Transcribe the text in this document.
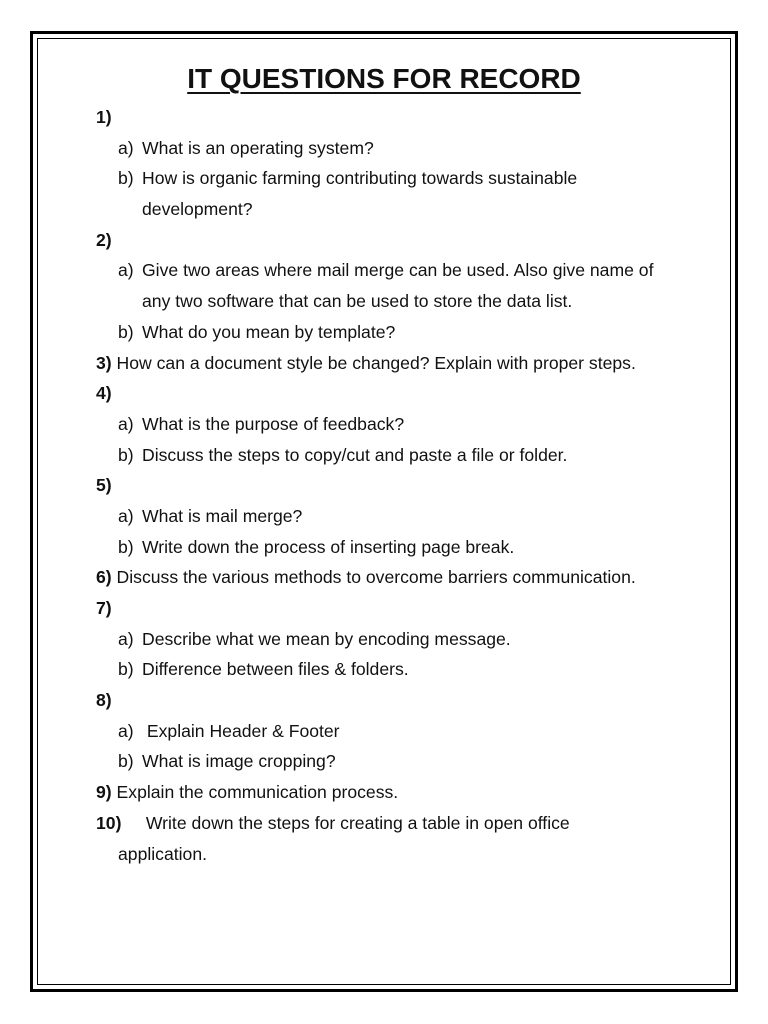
IT QUESTIONS FOR RECORD
1)
a) What is an operating system?
b) How is organic farming contributing towards sustainable
development?
2)
a) Give two areas where mail merge can be used. Also give name of
any two software that can be used to store the data list.
b) What do you mean by template?
3) How can a document style be changed? Explain with proper steps.
4)
a) What is the purpose of feedback?
b) Discuss the steps to copy/cut and paste a file or folder.
5)
a) What is mail merge?
b) Write down the process of inserting page break.
6) Discuss the various methods to overcome barriers communication.
7)
a) Describe what we mean by encoding message.
b) Difference between files & folders.
8)
a) Explain Header & Footer
b) What is image cropping?
9) Explain the communication process.
10)     Write down the steps for creating a table in open office
application.
